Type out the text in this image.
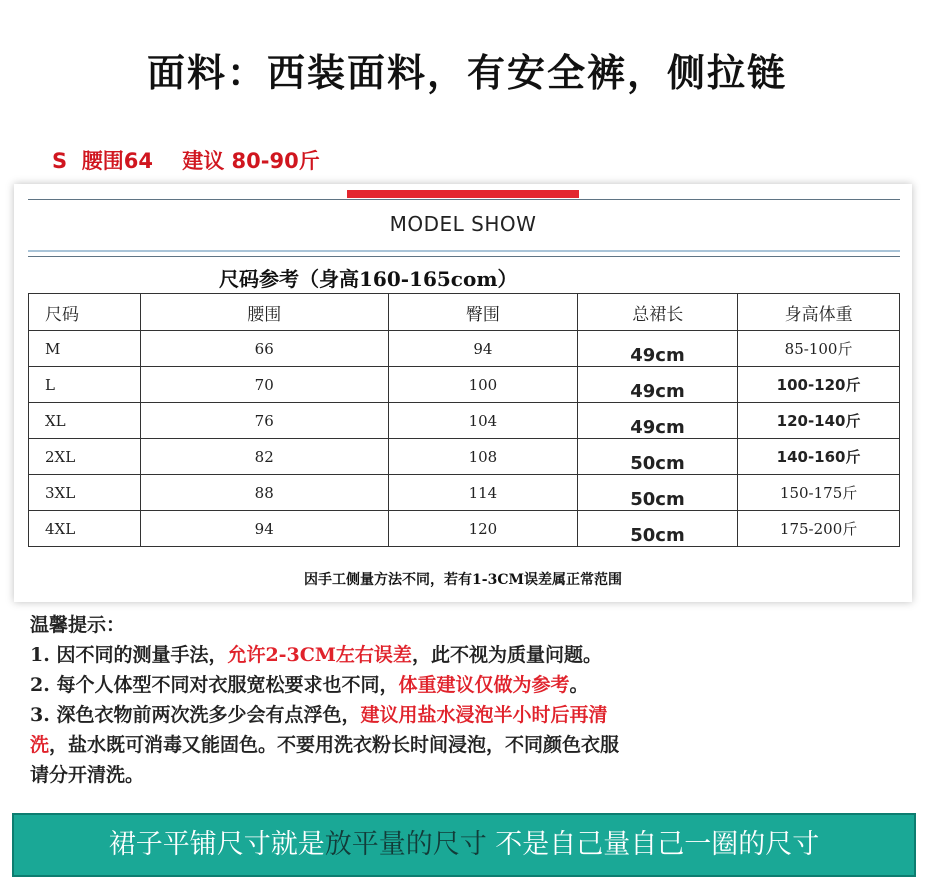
面料：西装面料，有安全裤，侧拉链
S  腰围64    建议 80-90斤
MODEL SHOW
尺码参考（身高160-165com）
尺码	腰围	臀围	总裙长	身高体重
M	66	94	49cm	85-100斤
L	70	100	49cm	100-120斤
XL	76	104	49cm	120-140斤
2XL	82	108	50cm	140-160斤
3XL	88	114	50cm	150-175斤
4XL	94	120	50cm	175-200斤
因手工侧量方法不同，若有1-3CM误差属正常范围

温馨提示：

1. 因不同的测量手法，允许2-3CM左右误差，此不视为质量问题。

2. 每个人体型不同对衣服宽松要求也不同，体重建议仅做为参考。

3. 深色衣物前两次洗多少会有点浮色，建议用盐水浸泡半小时后再清

洗，盐水既可消毒又能固色。不要用洗衣粉长时间浸泡，不同颜色衣服

请分开清洗。

裙子平铺尺寸就是放平量的尺寸 不是自己量自己一圈的尺寸
